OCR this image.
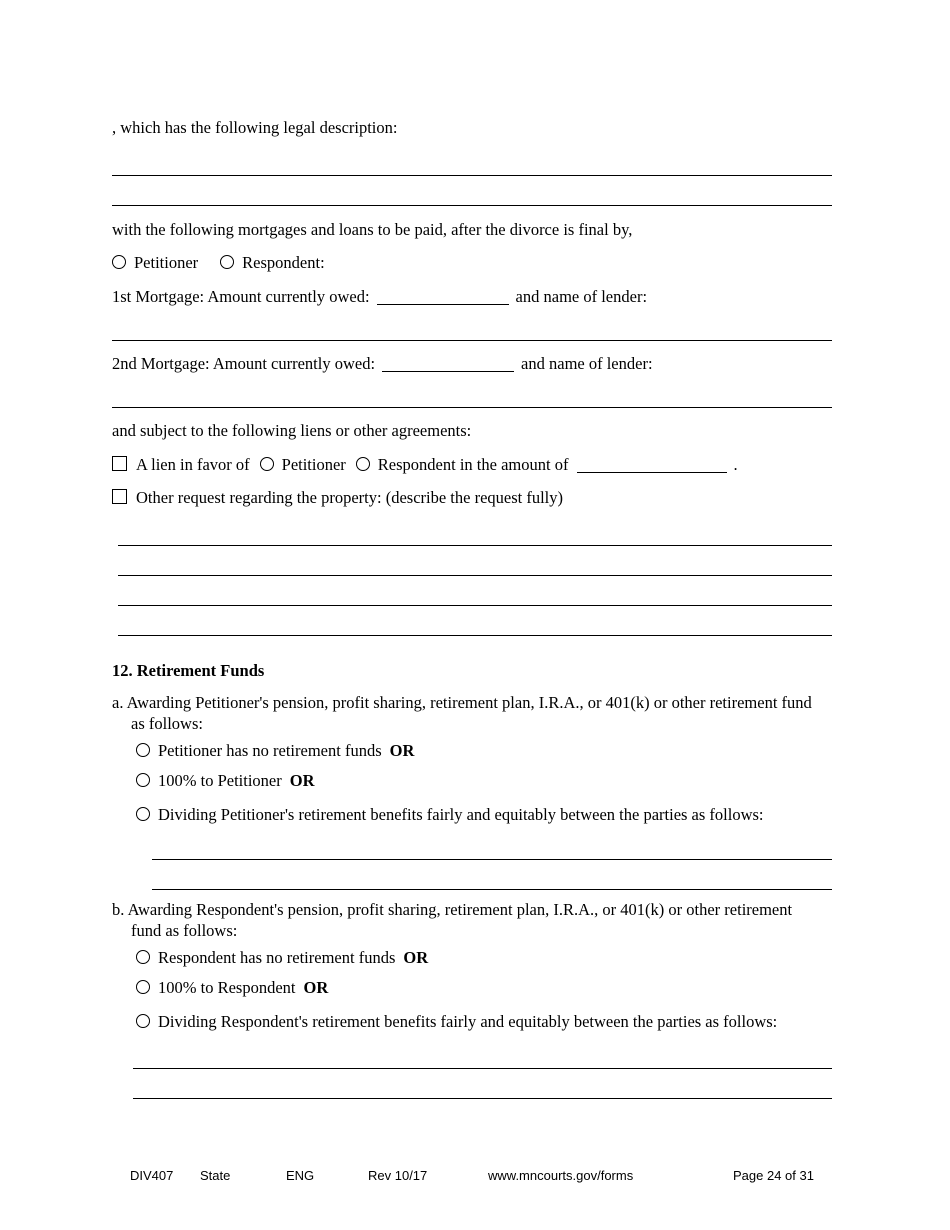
, which has the following legal description:

with the following mortgages and loans to be paid, after the divorce is final by,

Petitioner	Respondent:

1st Mortgage: Amount currently owed:	and name of lender:

2nd Mortgage: Amount currently owed:	and name of lender:

and subject to the following liens or other agreements:

A lien in favor of Petitioner Respondent in the amount of	.

Other request regarding the property: (describe the request fully)

12. Retirement Funds

a. Awarding Petitioner's pension, profit sharing, retirement plan, I.R.A., or 401(k) or other retirement fund as follows:

Petitioner has no retirement funds OR

100% to Petitioner OR

Dividing Petitioner's retirement benefits fairly and equitably between the parties as follows:

b. Awarding Respondent's pension, profit sharing, retirement plan, I.R.A., or 401(k) or other retirement fund as follows:

Respondent has no retirement funds OR

100% to Respondent OR

Dividing Respondent's retirement benefits fairly and equitably between the parties as follows:

DIV407 State	ENG	Rev 10/17	www.mncourts.gov/forms	Page 24 of 31
